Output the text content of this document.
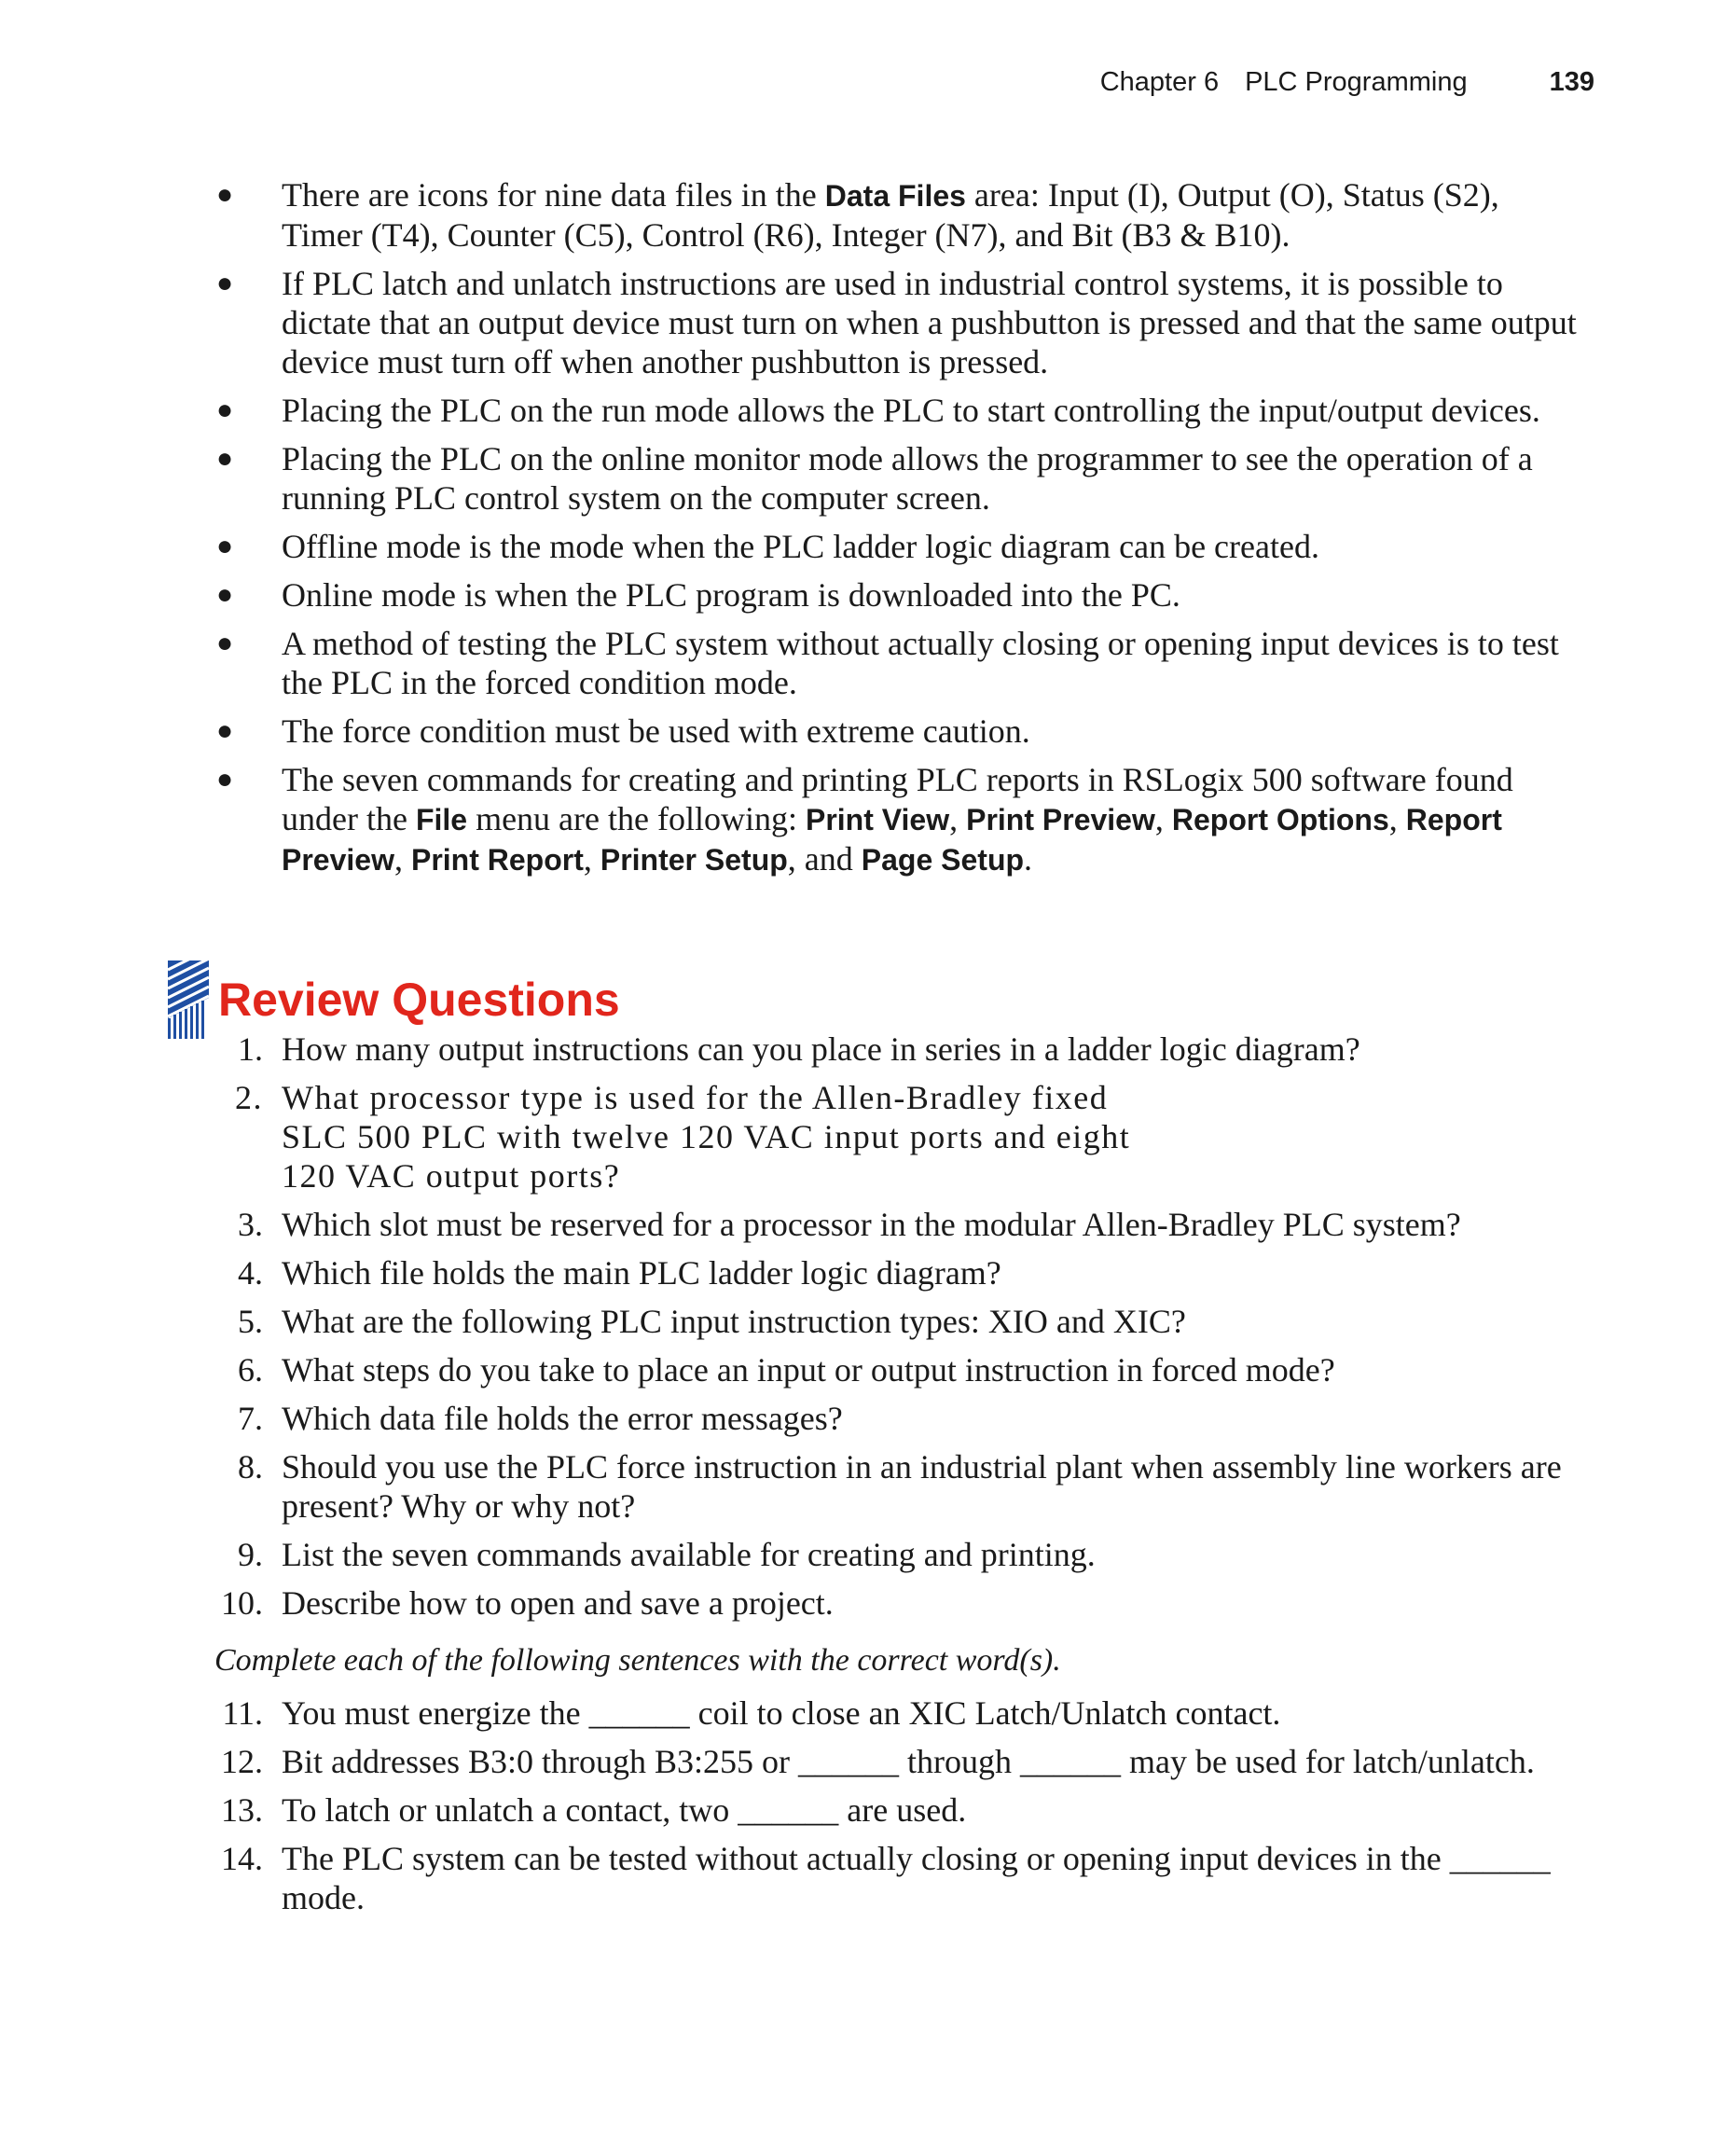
Chapter 6 PLC Programming	139
●	There are icons for nine data files in the Data Files area: Input (I), Output (O), Status (S2), Timer (T4), Counter (C5), Control (R6), Integer (N7), and Bit (B3 & B10).
●	If PLC latch and unlatch instructions are used in industrial control systems, it is possible to dictate that an output device must turn on when a pushbutton is pressed and that the same output device must turn off when another pushbutton is pressed.
●	Placing the PLC on the run mode allows the PLC to start controlling the input/output devices.
●	Placing the PLC on the online monitor mode allows the programmer to see the operation of a running PLC control system on the computer screen.
●	Offline mode is the mode when the PLC ladder logic diagram can be created.
●	Online mode is when the PLC program is downloaded into the PC.
●	A method of testing the PLC system without actually closing or opening input devices is to test the PLC in the forced condition mode.
●	The force condition must be used with extreme caution.
●	The seven commands for creating and printing PLC reports in RSLogix 500 software found under the File menu are the following: Print View, Print Preview, Report Options, Report Preview, Print Report, Printer Setup, and Page Setup.
Review Questions
1. How many output instructions can you place in series in a ladder logic diagram?
2. What processor type is used for the Allen-Bradley fixed
SLC 500 PLC with twelve 120 VAC input ports and eight
120 VAC output ports?
3. Which slot must be reserved for a processor in the modular Allen-Bradley PLC system?
4. Which file holds the main PLC ladder logic diagram?
5. What are the following PLC input instruction types: XIO and XIC?
6. What steps do you take to place an input or output instruction in forced mode?
7. Which data file holds the error messages?
8. Should you use the PLC force instruction in an industrial plant when assembly line workers are present? Why or why not?
9. List the seven commands available for creating and printing.
10. Describe how to open and save a project.
Complete each of the following sentences with the correct word(s).
11. You must energize the ______ coil to close an XIC Latch/Unlatch contact.
12. Bit addresses B3:0 through B3:255 or ______ through ______ may be used for latch/unlatch.
13. To latch or unlatch a contact, two ______ are used.
14. The PLC system can be tested without actually closing or opening input devices in the ______ mode.
